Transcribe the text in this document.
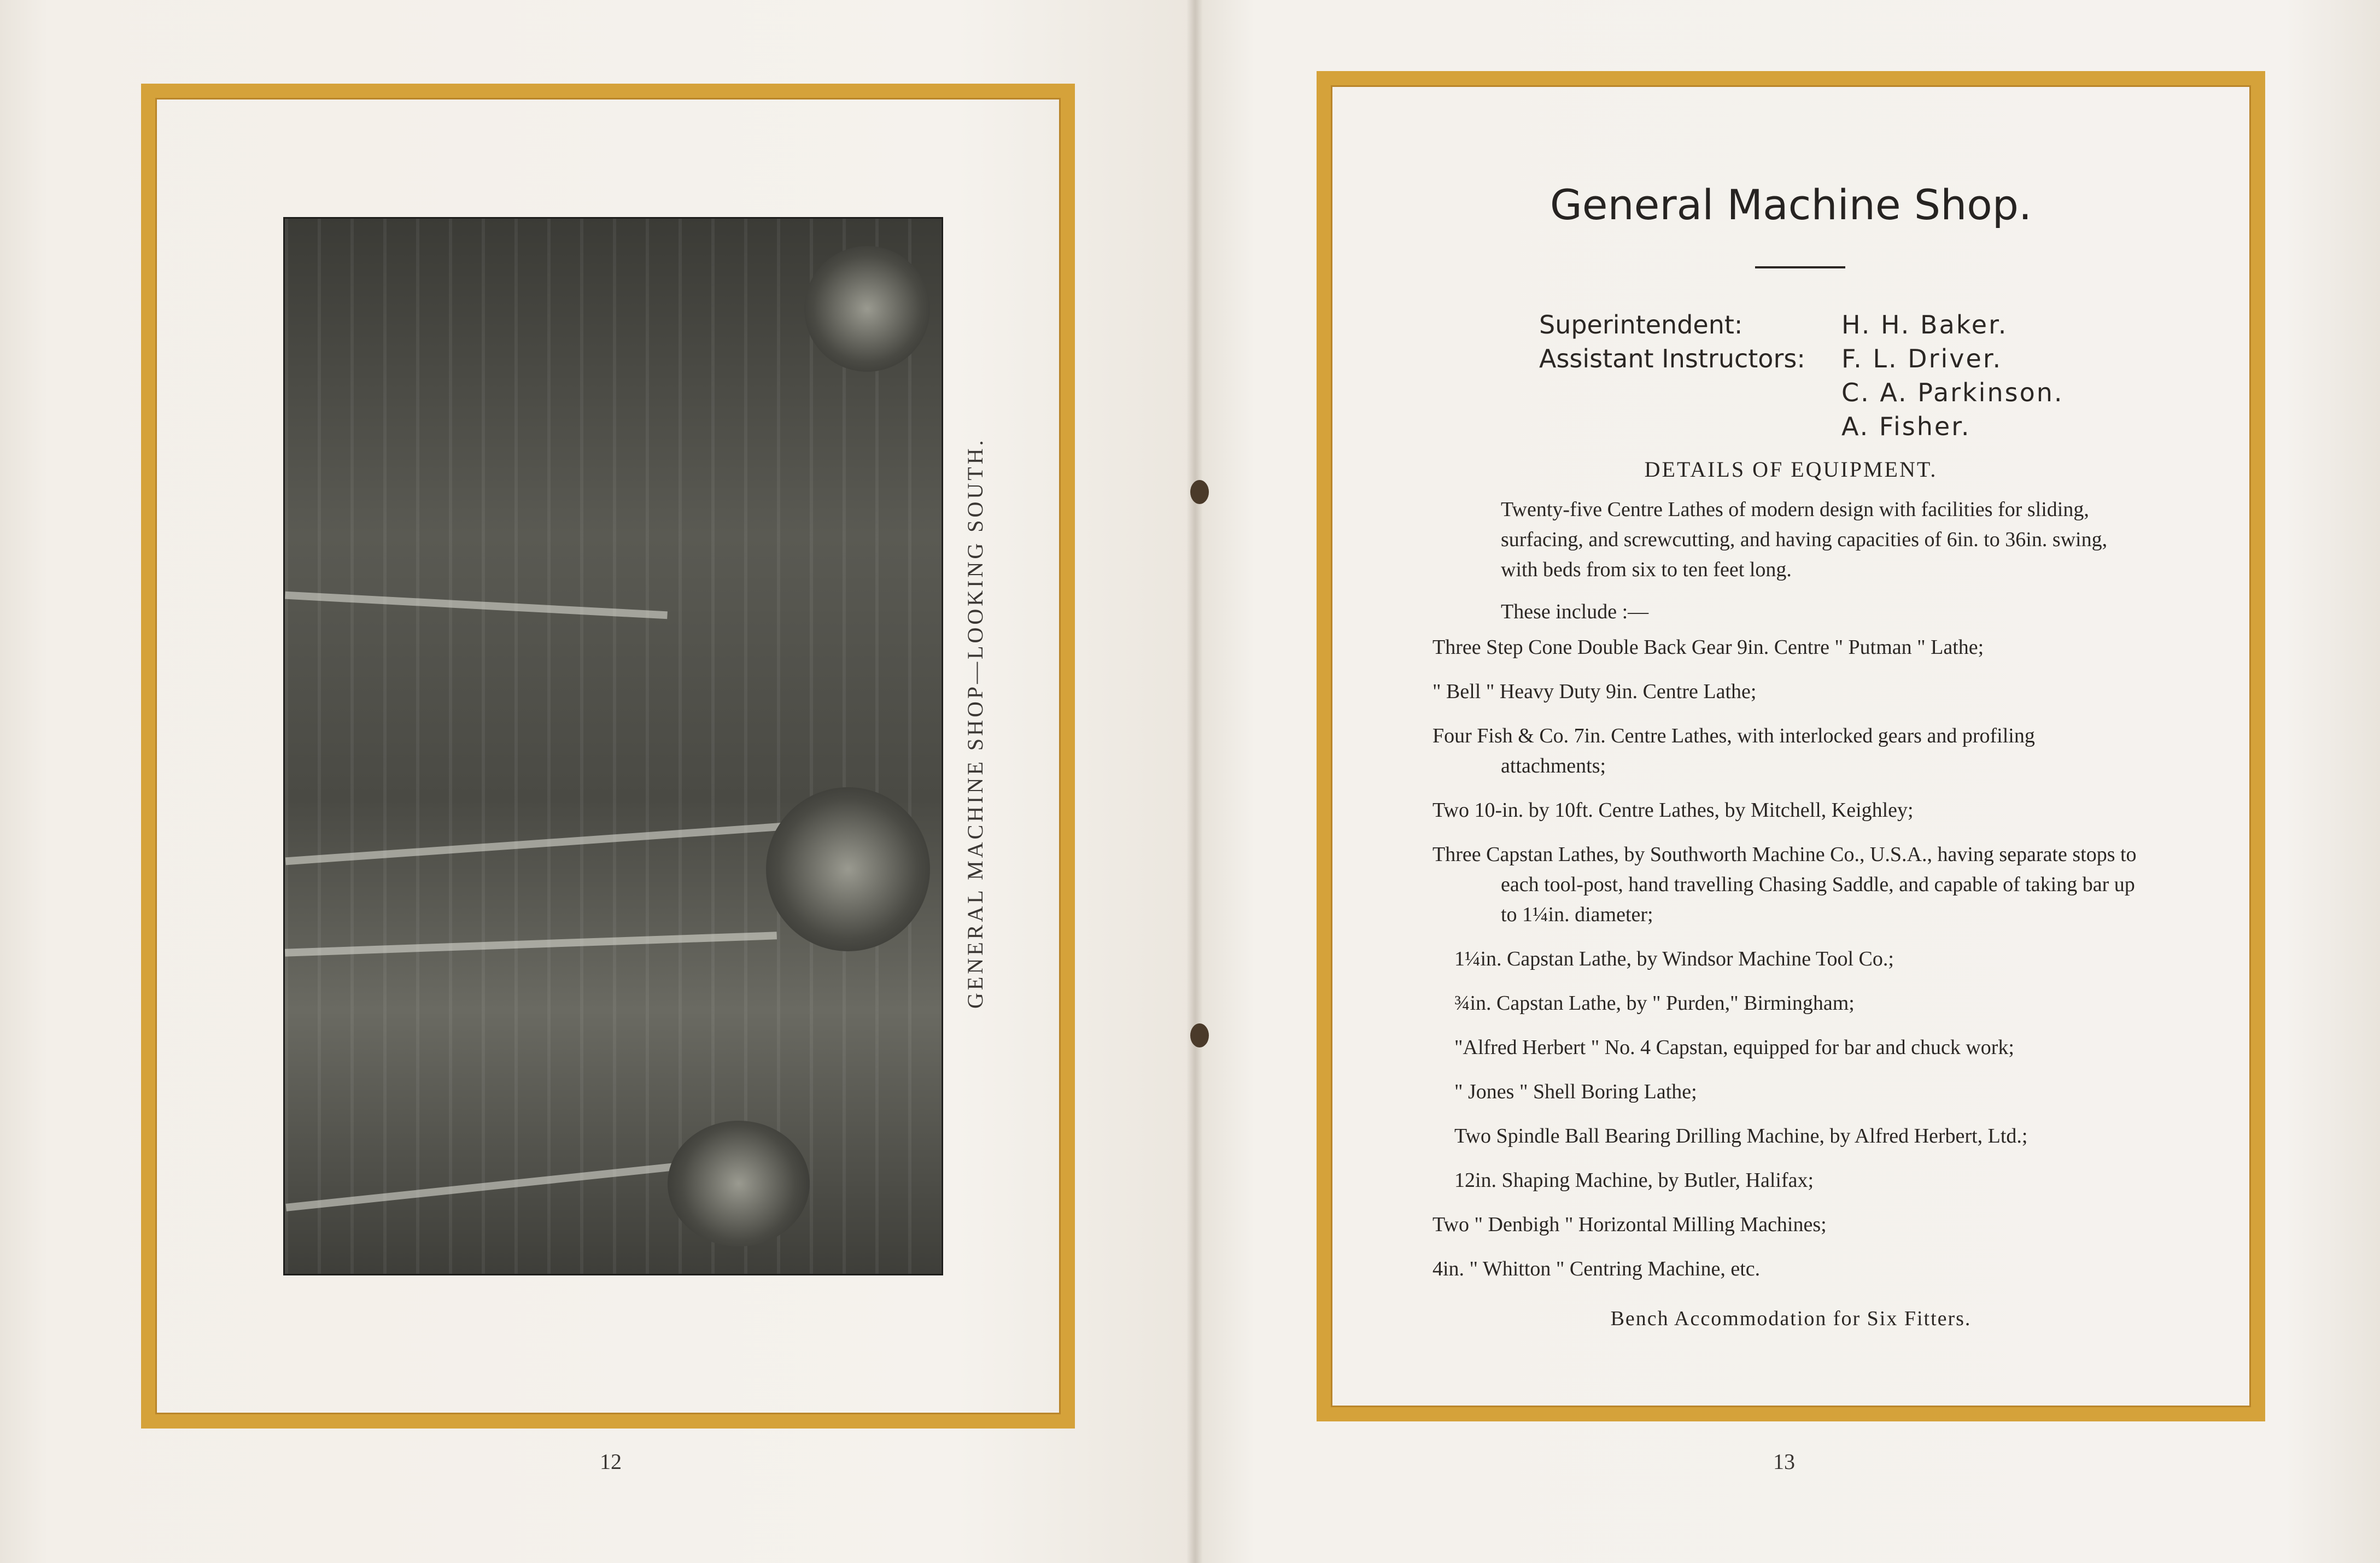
GENERAL MACHINE SHOP—LOOKING SOUTH.
12
General Machine Shop.
Superintendent:
Assistant Instructors:
H. H. Baker.
F. L. Driver.
C. A. Parkinson.
A. Fisher.
DETAILS OF EQUIPMENT.
Twenty-five Centre Lathes of modern design with facilities for sliding, surfacing, and screwcutting, and having capacities of 6in. to 36in. swing, with beds from six to ten feet long.
These include :—
Three Step Cone Double Back Gear 9in. Centre " Putman " Lathe;
" Bell " Heavy Duty 9in. Centre Lathe;
Four Fish & Co. 7in. Centre Lathes, with interlocked gears and profiling attachments;
Two 10-in. by 10ft. Centre Lathes, by Mitchell, Keighley;
Three Capstan Lathes, by Southworth Machine Co., U.S.A., having separate stops to each tool-post, hand travelling Chasing Saddle, and capable of taking bar up to 1¼in. diameter;
1¼in. Capstan Lathe, by Windsor Machine Tool Co.;
¾in. Capstan Lathe, by " Purden," Birmingham;
"Alfred Herbert " No. 4 Capstan, equipped for bar and chuck work;
" Jones " Shell Boring Lathe;
Two Spindle Ball Bearing Drilling Machine, by Alfred Herbert, Ltd.;
12in. Shaping Machine, by Butler, Halifax;
Two " Denbigh " Horizontal Milling Machines;
4in. " Whitton " Centring Machine, etc.
Bench Accommodation for Six Fitters.
13
